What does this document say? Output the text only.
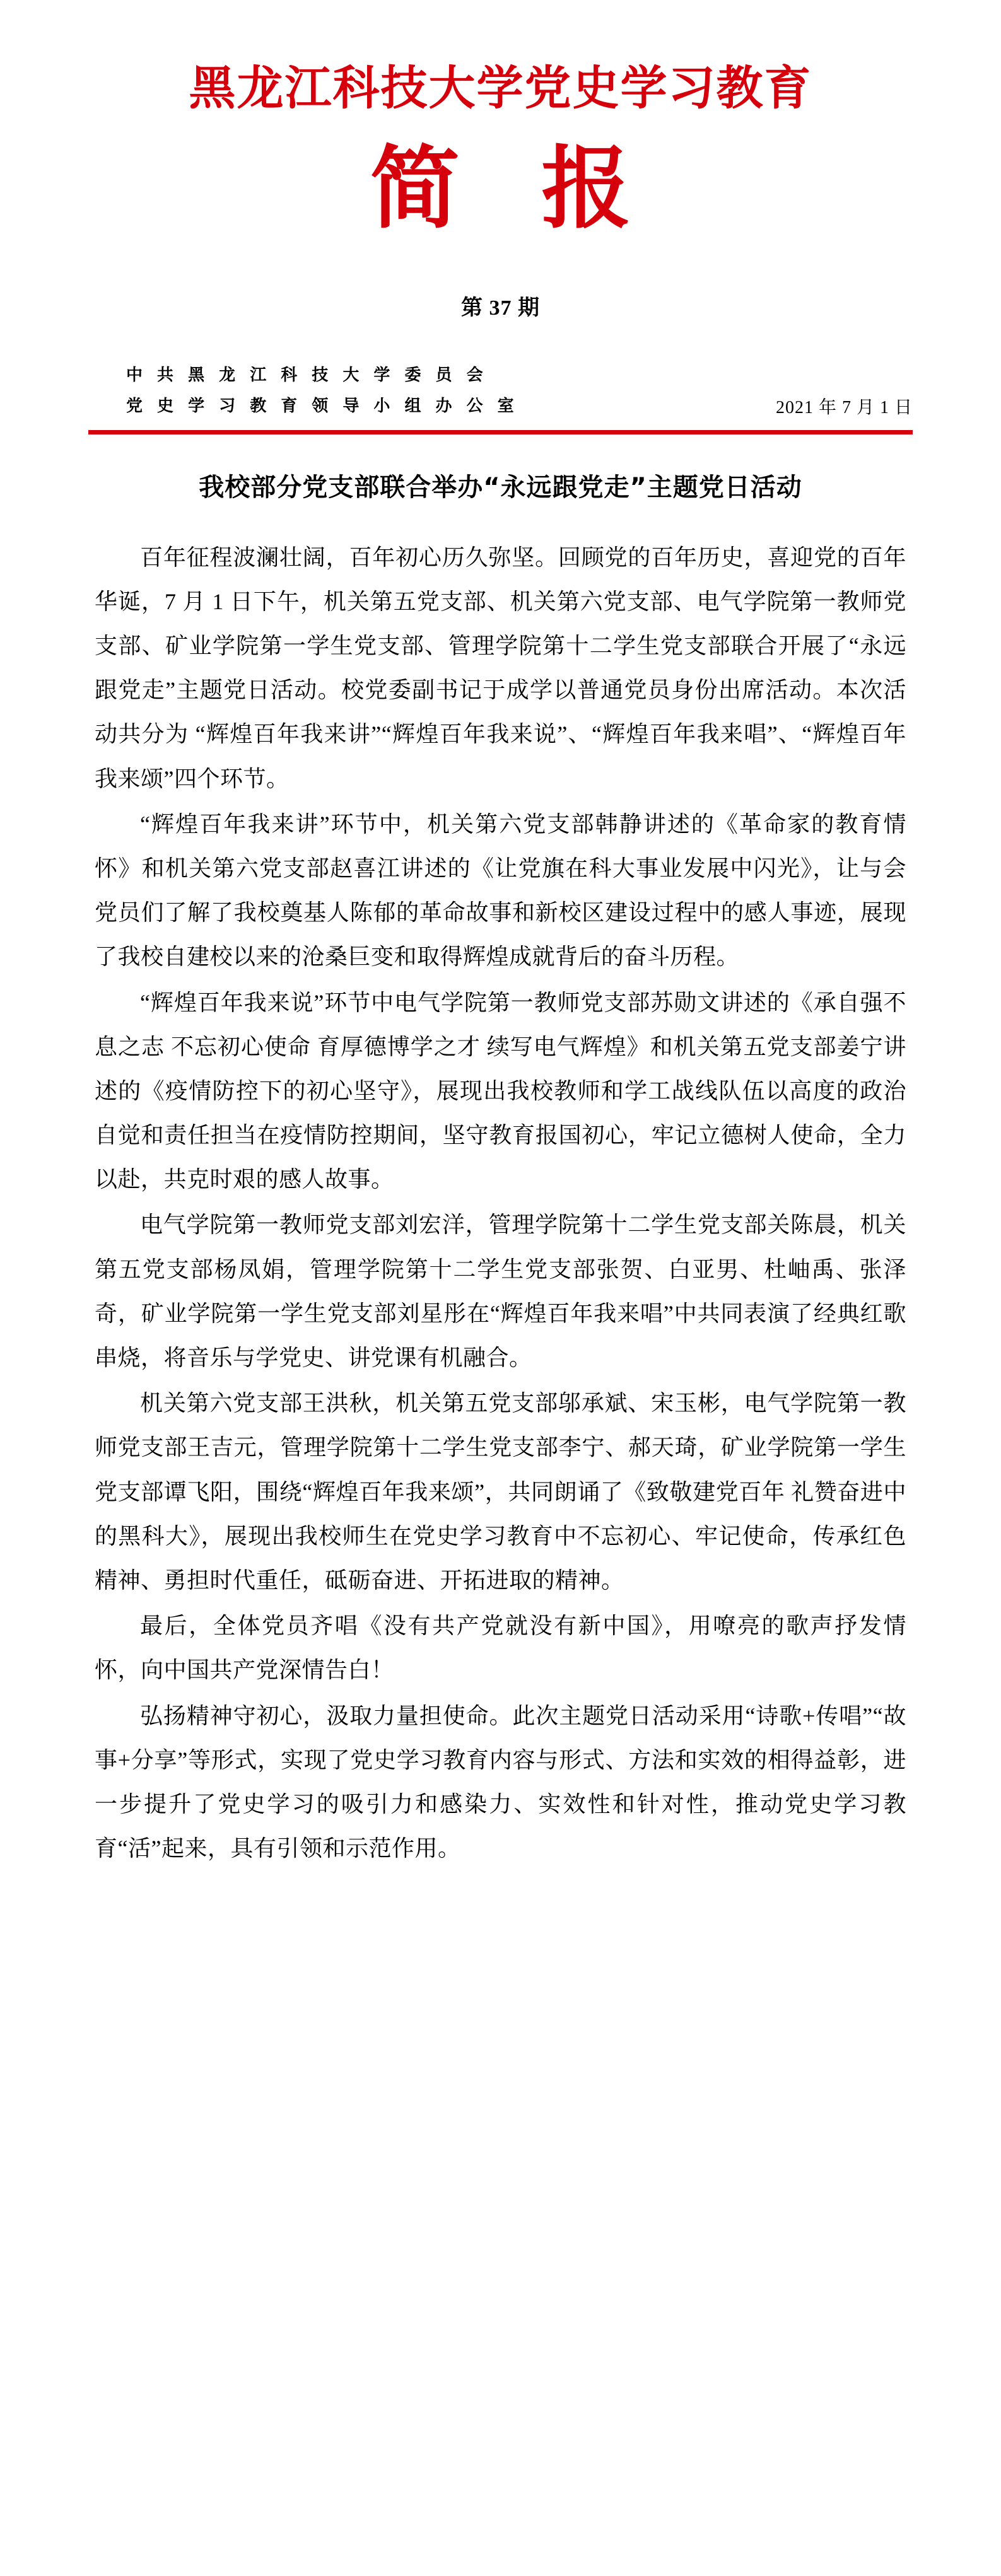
黑龙江科技大学党史学习教育
简 报
第 37 期
中 共 黑 龙 江 科 技 大 学 委 员 会
党 史 学 习 教 育 领 导 小 组 办 公 室	2021 年 7 月 1 日
我校部分党支部联合举办“永远跟党走”主题党日活动

百年征程波澜壮阔，百年初心历久弥坚。回顾党的百年历史，喜迎党的百年华诞，7 月 1 日下午，机关第五党支部、机关第六党支部、电气学院第一教师党支部、矿业学院第一学生党支部、管理学院第十二学生党支部联合开展了“永远跟党走”主题党日活动。校党委副书记于成学以普通党员身份出席活动。本次活动共分为 “辉煌百年我来讲”“辉煌百年我来说”、“辉煌百年我来唱”、“辉煌百年我来颂”四个环节。

“辉煌百年我来讲”环节中，机关第六党支部韩静讲述的《革命家的教育情怀》和机关第六党支部赵喜江讲述的《让党旗在科大事业发展中闪光》，让与会党员们了解了我校奠基人陈郁的革命故事和新校区建设过程中的感人事迹，展现了我校自建校以来的沧桑巨变和取得辉煌成就背后的奋斗历程。

“辉煌百年我来说”环节中电气学院第一教师党支部苏勋文讲述的《承自强不息之志 不忘初心使命 育厚德博学之才 续写电气辉煌》和机关第五党支部姜宁讲述的《疫情防控下的初心坚守》，展现出我校教师和学工战线队伍以高度的政治自觉和责任担当在疫情防控期间，坚守教育报国初心，牢记立德树人使命，全力以赴，共克时艰的感人故事。

电气学院第一教师党支部刘宏洋，管理学院第十二学生党支部关陈晨，机关第五党支部杨凤娟，管理学院第十二学生党支部张贺、白亚男、杜岫禹、张泽奇，矿业学院第一学生党支部刘星彤在“辉煌百年我来唱”中共同表演了经典红歌串烧，将音乐与学党史、讲党课有机融合。

机关第六党支部王洪秋，机关第五党支部邬承斌、宋玉彬，电气学院第一教师党支部王吉元，管理学院第十二学生党支部李宁、郝天琦，矿业学院第一学生党支部谭飞阳，围绕“辉煌百年我来颂”，共同朗诵了《致敬建党百年 礼赞奋进中的黑科大》，展现出我校师生在党史学习教育中不忘初心、牢记使命，传承红色精神、勇担时代重任，砥砺奋进、开拓进取的精神。

最后，全体党员齐唱《没有共产党就没有新中国》，用嘹亮的歌声抒发情怀，向中国共产党深情告白！

弘扬精神守初心，汲取力量担使命。此次主题党日活动采用“诗歌+传唱”“故事+分享”等形式，实现了党史学习教育内容与形式、方法和实效的相得益彰，进一步提升了党史学习的吸引力和感染力、实效性和针对性，推动党史学习教育“活”起来，具有引领和示范作用。
